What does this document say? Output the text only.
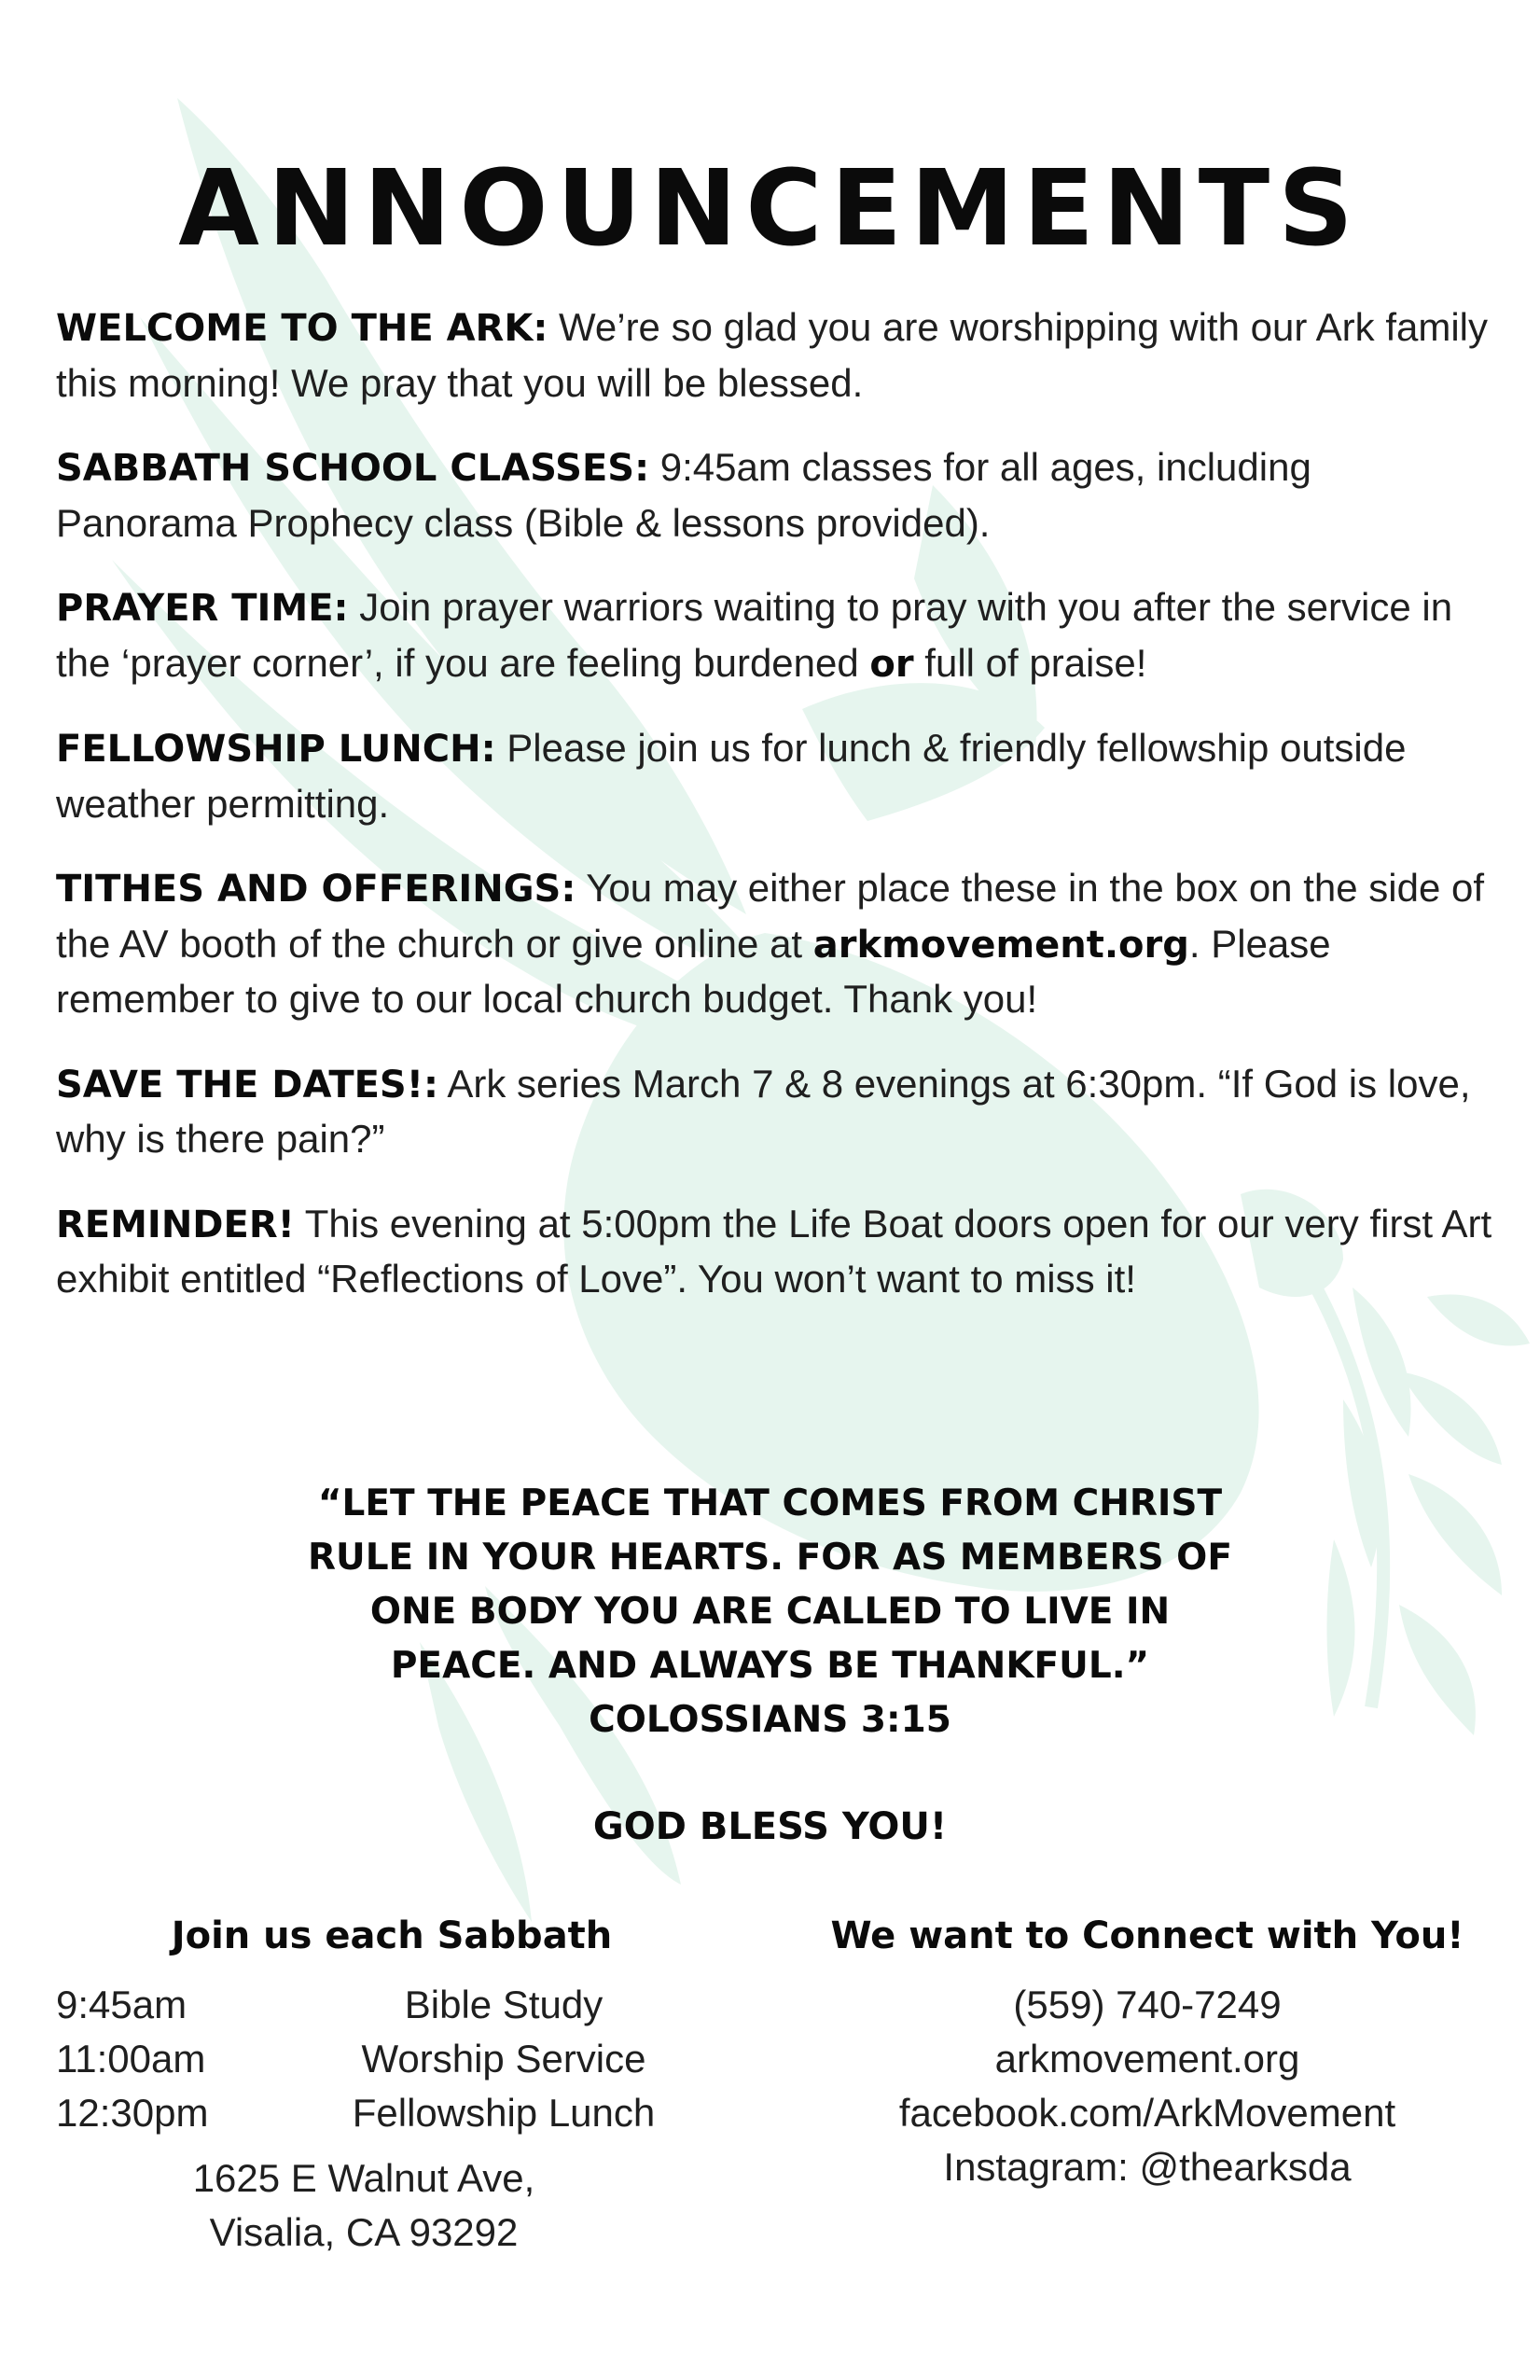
ANNOUNCEMENTS

WELCOME TO THE ARK: We’re so glad you are worshipping with our Ark family this morning! We pray that you will be blessed.

SABBATH SCHOOL CLASSES: 9:45am classes for all ages, including Panorama Prophecy class (Bible & lessons provided).

PRAYER TIME: Join prayer warriors waiting to pray with you after the service in the ‘prayer corner’, if you are feeling burdened or full of praise!

FELLOWSHIP LUNCH: Please join us for lunch & friendly fellowship outside weather permitting.

TITHES AND OFFERINGS: You may either place these in the box on the side of the AV booth of the church or give online at arkmovement.org. Please remember to give to our local church budget. Thank you!

SAVE THE DATES!: Ark series March 7 & 8 evenings at 6:30pm. “If God is love, why is there pain?”

REMINDER! This evening at 5:00pm the Life Boat doors open for our very first Art exhibit entitled “Reflections of Love”. You won’t want to miss it!

“LET THE PEACE THAT COMES FROM CHRIST
RULE IN YOUR HEARTS. FOR AS MEMBERS OF
ONE BODY YOU ARE CALLED TO LIVE IN
PEACE. AND ALWAYS BE THANKFUL.”
COLOSSIANS 3:15
GOD BLESS YOU!
Join us each Sabbath
9:45am	Bible Study
11:00am	Worship Service
12:30pm	Fellowship Lunch
1625 E Walnut Ave,
Visalia, CA 93292
We want to Connect with You!
(559) 740-7249
arkmovement.org
facebook.com/ArkMovement
Instagram: @thearksda
